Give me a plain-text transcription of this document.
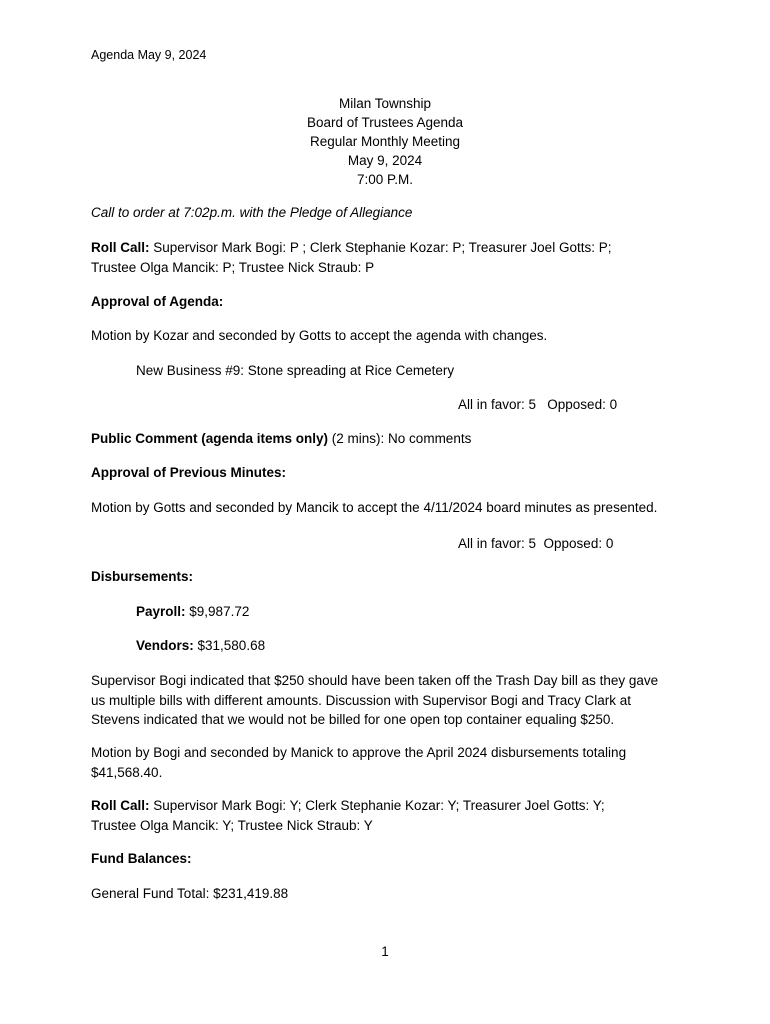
Agenda May 9, 2024
Milan Township
Board of Trustees Agenda
Regular Monthly Meeting
May 9, 2024
7:00 P.M.
Call to order at 7:02p.m. with the Pledge of Allegiance
Roll Call: Supervisor Mark Bogi: P ; Clerk Stephanie Kozar: P; Treasurer Joel Gotts: P;
Trustee Olga Mancik: P; Trustee Nick Straub: P
Approval of Agenda:
Motion by Kozar and seconded by Gotts to accept the agenda with changes.
New Business #9: Stone spreading at Rice Cemetery
All in favor: 5   Opposed: 0
Public Comment (agenda items only) (2 mins): No comments
Approval of Previous Minutes:
Motion by Gotts and seconded by Mancik to accept the 4/11/2024 board minutes as presented.
All in favor: 5  Opposed: 0
Disbursements:
Payroll: $9,987.72
Vendors: $31,580.68
Supervisor Bogi indicated that $250 should have been taken off the Trash Day bill as they gave
us multiple bills with different amounts. Discussion with Supervisor Bogi and Tracy Clark at
Stevens indicated that we would not be billed for one open top container equaling $250.
Motion by Bogi and seconded by Manick to approve the April 2024 disbursements totaling
$41,568.40.
Roll Call: Supervisor Mark Bogi: Y; Clerk Stephanie Kozar: Y; Treasurer Joel Gotts: Y;
Trustee Olga Mancik: Y; Trustee Nick Straub: Y
Fund Balances:
General Fund Total: $231,419.88
1
